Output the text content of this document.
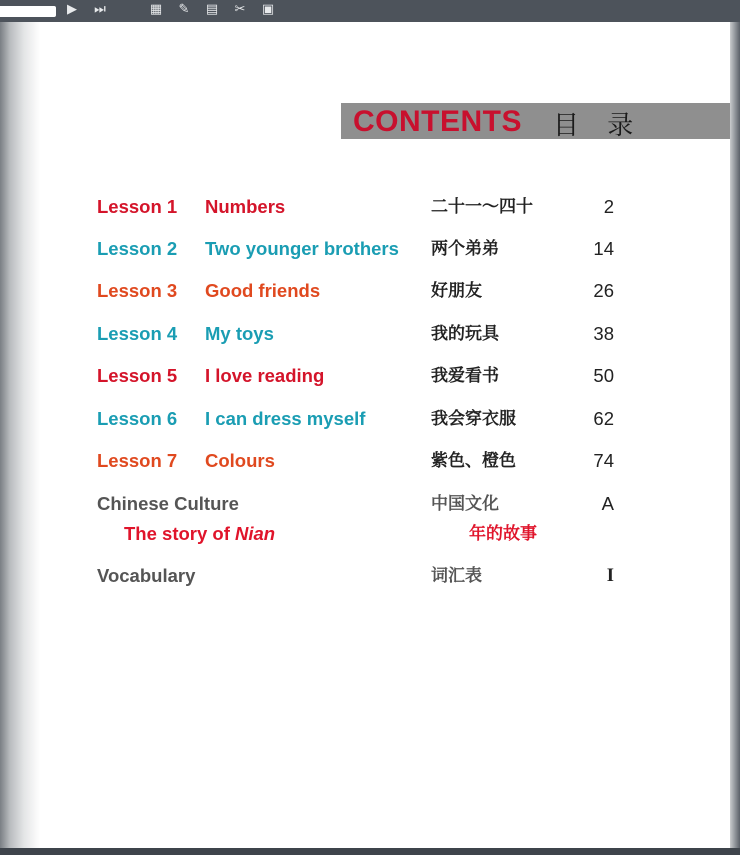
▶ ⏭	▦ ✎ ▤ ✂ ▣
CONTENTS 目 录
Lesson 1 Numbers	二十一～四十	2
Lesson 2 Two younger brothers 两个弟弟	14
Lesson 3 Good friends	好朋友	26
Lesson 4 My toys	我的玩具	38
Lesson 5 I love reading	我爱看书	50
Lesson 6 I can dress myself	我会穿衣服	62
Lesson 7 Colours	紫色、橙色	74
Chinese Culture	中国文化	A
The story of Nian	年的故事
Vocabulary	词汇表	I
